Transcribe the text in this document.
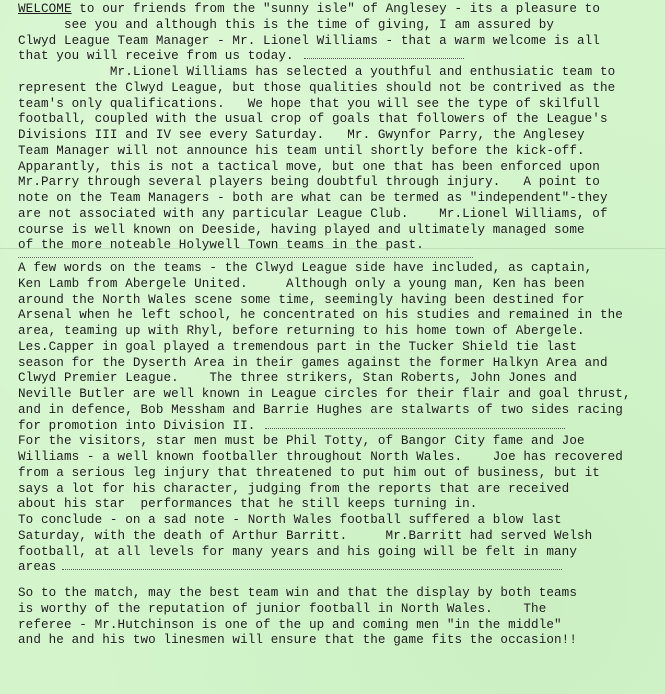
WELCOME to our friends from the "sunny isle" of Anglesey - its a pleasure to
see you and although this is the time of giving, I am assured by
Clwyd League Team Manager - Mr. Lionel Williams - that a warm welcome is all
that you will receive from us today.
Mr.Lionel Williams has selected a youthful and enthusiatic team to
represent the Clwyd League, but those qualities should not be contrived as the
team's only qualifications.   We hope that you will see the type of skilfull
football, coupled with the usual crop of goals that followers of the League's
Divisions III and IV see every Saturday.   Mr. Gwynfor Parry, the Anglesey
Team Manager will not announce his team until shortly before the kick-off.
Apparantly, this is not a tactical move, but one that has been enforced upon
Mr.Parry through several players being doubtful through injury.   A point to
note on the Team Managers - both are what can be termed as "independent"-they
are not associated with any particular League Club.    Mr.Lionel Williams, of
course is well known on Deeside, having played and ultimately managed some
of the more noteable Holywell Town teams in the past.
A few words on the teams - the Clwyd League side have included, as captain,
Ken Lamb from Abergele United.     Although only a young man, Ken has been
around the North Wales scene some time, seemingly having been destined for
Arsenal when he left school, he concentrated on his studies and remained in the
area, teaming up with Rhyl, before returning to his home town of Abergele.
Les.Capper in goal played a tremendous part in the Tucker Shield tie last
season for the Dyserth Area in their games against the former Halkyn Area and
Clwyd Premier League.    The three strikers, Stan Roberts, John Jones and
Neville Butler are well known in League circles for their flair and goal thrust,
and in defence, Bob Messham and Barrie Hughes are stalwarts of two sides racing
for promotion into Division II.
For the visitors, star men must be Phil Totty, of Bangor City fame and Joe
Williams - a well known footballer throughout North Wales.    Joe has recovered
from a serious leg injury that threatened to put him out of business, but it
says a lot for his character, judging from the reports that are received
about his star  performances that he still keeps turning in.
To conclude - on a sad note - North Wales football suffered a blow last
Saturday, with the death of Arthur Barritt.     Mr.Barritt had served Welsh
football, at all levels for many years and his going will be felt in many
areas
So to the match, may the best team win and that the display by both teams
is worthy of the reputation of junior football in North Wales.    The
referee - Mr.Hutchinson is one of the up and coming men "in the middle"
and he and his two linesmen will ensure that the game fits the occasion!!
